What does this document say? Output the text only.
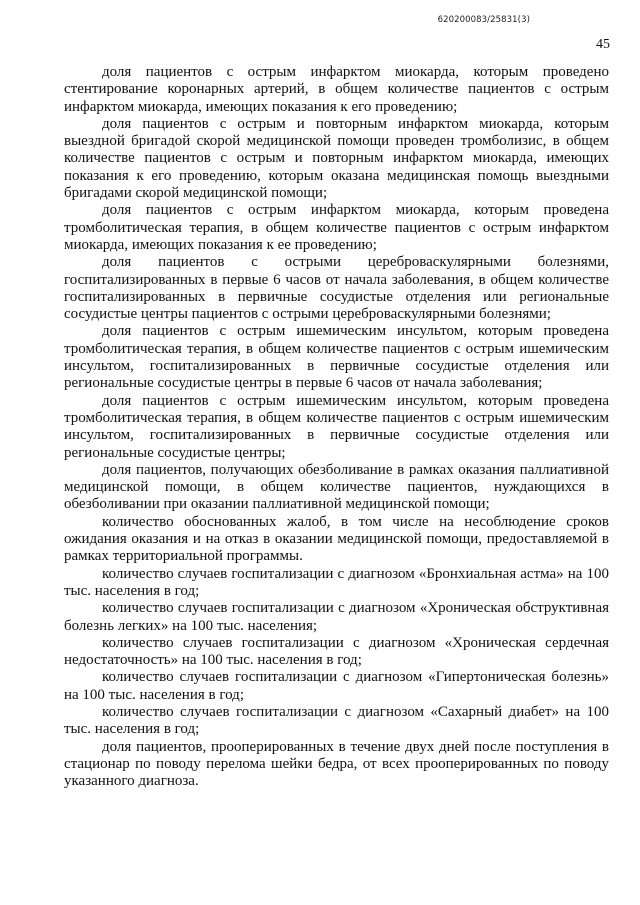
620200083/25831(3)
45

доля пациентов с острым инфарктом миокарда, которым проведено стентирование коронарных артерий, в общем количестве пациентов с острым инфарктом миокарда, имеющих показания к его проведению;

доля пациентов с острым и повторным инфарктом миокарда, которым выездной бригадой скорой медицинской помощи проведен тромболизис, в общем количестве пациентов с острым и повторным инфарктом миокарда, имеющих показания к его проведению, которым оказана медицинская помощь выездными бригадами скорой медицинской помощи;

доля пациентов с острым инфарктом миокарда, которым проведена тромболитическая терапия, в общем количестве пациентов с острым инфарктом миокарда, имеющих показания к ее проведению;

доля пациентов с острыми цереброваскулярными болезнями, госпитализированных в первые 6 часов от начала заболевания, в общем количестве госпитализированных в первичные сосудистые отделения или региональные сосудистые центры пациентов с острыми цереброваскулярными болезнями;

доля пациентов с острым ишемическим инсультом, которым проведена тромболитическая терапия, в общем количестве пациентов с острым ишемическим инсультом, госпитализированных в первичные сосудистые отделения или региональные сосудистые центры в первые 6 часов от начала заболевания;

доля пациентов с острым ишемическим инсультом, которым проведена тромболитическая терапия, в общем количестве пациентов с острым ишемическим инсультом, госпитализированных в первичные сосудистые отделения или региональные сосудистые центры;

доля пациентов, получающих обезболивание в рамках оказания паллиативной медицинской помощи, в общем количестве пациентов, нуждающихся в обезболивании при оказании паллиативной медицинской помощи;

количество обоснованных жалоб, в том числе на несоблюдение сроков ожидания оказания и на отказ в оказании медицинской помощи, предоставляемой в рамках территориальной программы.

количество случаев госпитализации с диагнозом «Бронхиальная астма» на 100 тыс. населения в год;

количество случаев госпитализации с диагнозом «Хроническая обструктивная болезнь легких» на 100 тыс. населения;

количество случаев госпитализации с диагнозом «Хроническая сердечная недостаточность» на 100 тыс. населения в год;

количество случаев госпитализации с диагнозом «Гипертоническая болезнь» на 100 тыс. населения в год;

количество случаев госпитализации с диагнозом «Сахарный диабет» на 100 тыс. населения в год;

доля пациентов, прооперированных в течение двух дней после поступления в стационар по поводу перелома шейки бедра, от всех прооперированных по поводу указанного диагноза.
